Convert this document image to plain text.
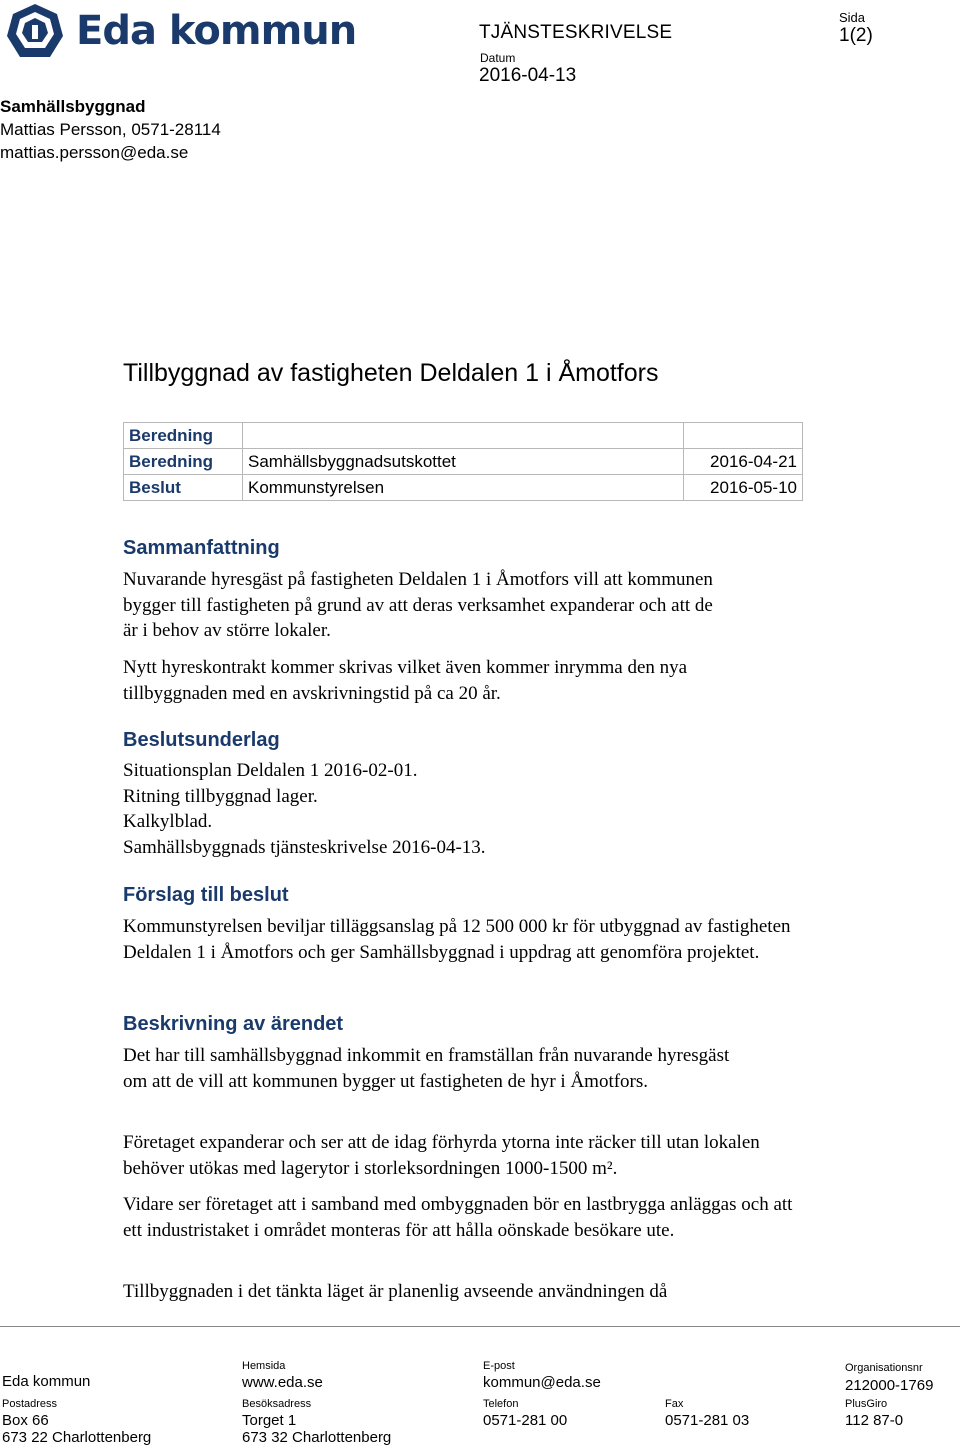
Eda kommun
Samhällsbyggnad
Mattias Persson, 0571-28114
mattias.persson@eda.se
TJÄNSTESKRIVELSE
Datum
2016-04-13
Sida
1(2)
Tillbyggnad av fastigheten Deldalen 1 i Åmotfors
Beredning		
Beredning	Samhällsbyggnadsutskottet	2016-04-21
Beslut	Kommunstyrelsen	2016-05-10
Sammanfattning
Nuvarande hyresgäst på fastigheten Deldalen 1 i Åmotfors vill att kommunen bygger till fastigheten på grund av att deras verksamhet expanderar och att de är i behov av större lokaler.
Nytt hyreskontrakt kommer skrivas vilket även kommer inrymma den nya tillbyggnaden med en avskrivningstid på ca 20 år.
Beslutsunderlag
Situationsplan Deldalen 1 2016-02-01.
Ritning tillbyggnad lager.
Kalkylblad.
Samhällsbyggnads tjänsteskrivelse 2016-04-13.
Förslag till beslut
Kommunstyrelsen beviljar tilläggsanslag på 12 500 000 kr för utbyggnad av fastigheten Deldalen 1 i Åmotfors och ger Samhällsbyggnad i uppdrag att genomföra projektet.
Beskrivning av ärendet
Det har till samhällsbyggnad inkommit en framställan från nuvarande hyresgäst om att de vill att kommunen bygger ut fastigheten de hyr i Åmotfors.
Företaget expanderar och ser att de idag förhyrda ytorna inte räcker till utan lokalen behöver utökas med lagerytor i storleksordningen 1000-1500 m².
Vidare ser företaget att i samband med ombyggnaden bör en lastbrygga anläggas och att ett industristaket i området monteras för att hålla oönskade besökare ute.
Tillbyggnaden i det tänkta läget är planenlig avseende användningen då
Eda kommun
Hemsida
www.eda.se
E-post
kommun@eda.se
Organisationsnr
212000-1769
Postadress
Box 66
673 22 Charlottenberg
Besöksadress
Torget 1
673 32 Charlottenberg
Telefon
0571-281 00
Fax
0571-281 03
PlusGiro
112 87-0
